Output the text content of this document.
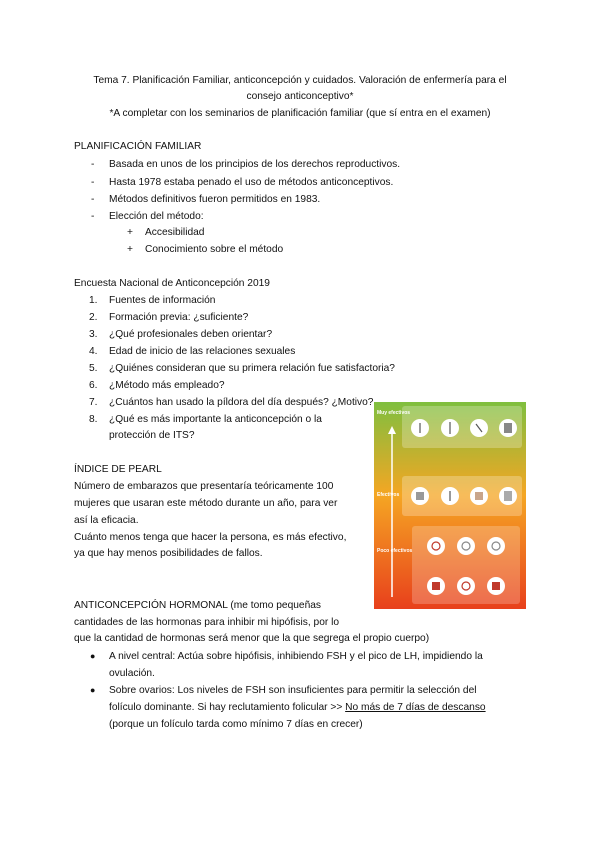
Tema 7. Planificación Familiar, anticoncepción y cuidados. Valoración de enfermería para el
consejo anticonceptivo*
*A completar con los seminarios de planificación familiar (que sí entra en el examen)
PLANIFICACIÓN FAMILIAR
- Basada en unos de los principios de los derechos reproductivos.
- Hasta 1978 estaba penado el uso de métodos anticonceptivos.
- Métodos definitivos fueron permitidos en 1983.
- Elección del método:
+ Accesibilidad
+ Conocimiento sobre el método
Encuesta Nacional de Anticoncepción 2019
1. Fuentes de información
2. Formación previa: ¿suficiente?
3. ¿Qué profesionales deben orientar?
4. Edad de inicio de las relaciones sexuales
5. ¿Quiénes consideran que su primera relación fue satisfactoria?
6. ¿Método más empleado?
7. ¿Cuántos han usado la píldora del día después? ¿Motivo?
8. ¿Qué es más importante la anticoncepción o la
protección de ITS?
ÍNDICE DE PEARL
Número de embarazos que presentaría teóricamente 100
mujeres que usaran este método durante un año, para ver
así la eficacia.
Cuánto menos tenga que hacer la persona, es más efectivo,
ya que hay menos posibilidades de fallos.
ANTICONCEPCIÓN HORMONAL (me tomo pequeñas
cantidades de las hormonas para inhibir mi hipófisis, por lo
que la cantidad de hormonas será menor que la que segrega el propio cuerpo)
● A nivel central: Actúa sobre hipófisis, inhibiendo FSH y el pico de LH, impidiendo la
ovulación.
● Sobre ovarios: Los niveles de FSH son insuficientes para permitir la selección del
folículo dominante. Si hay reclutamiento folicular >> No más de 7 días de descanso
(porque un folículo tarda como mínimo 7 días en crecer)
Muy efectivos
Efectivos
Poco efectivos
